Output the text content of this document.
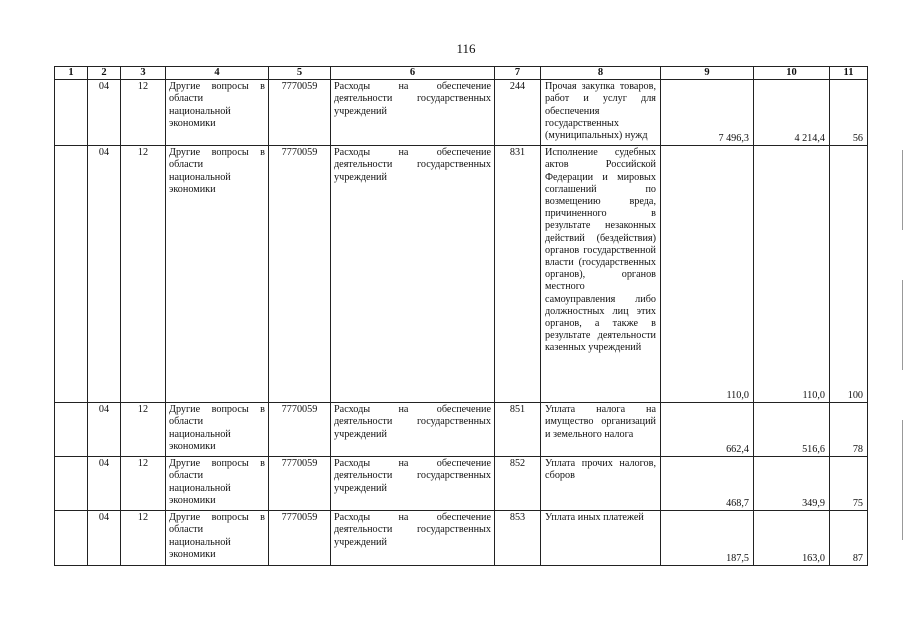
116
1	2	3	4	5	6	7	8	9	10	11
	04	12	Другие вопросы в области национальной экономики	7770059	Расходы на обеспечение деятельности государственных учреждений	244	Прочая закупка товаров, работ и услуг для обеспечения государственных (муниципальных) нужд	7 496,3	4 214,4	56
	04	12	Другие вопросы в области национальной экономики	7770059	Расходы на обеспечение деятельности государственных учреждений	831	Исполнение судебных актов Российской Федерации и мировых соглашений по возмещению вреда, причиненного в результате незаконных действий (бездействия) органов государственной власти (государственных органов), органов местного самоуправления либо должностных лиц этих органов, а также в результате деятельности казенных учреждений	110,0	110,0	100
	04	12	Другие вопросы в области национальной экономики	7770059	Расходы на обеспечение деятельности государственных учреждений	851	Уплата налога на имущество организаций и земельного налога	662,4	516,6	78
	04	12	Другие вопросы в области национальной экономики	7770059	Расходы на обеспечение деятельности государственных учреждений	852	Уплата прочих налогов, сборов	468,7	349,9	75
	04	12	Другие вопросы в области национальной экономики	7770059	Расходы на обеспечение деятельности государственных учреждений	853	Уплата иных платежей	187,5	163,0	87
